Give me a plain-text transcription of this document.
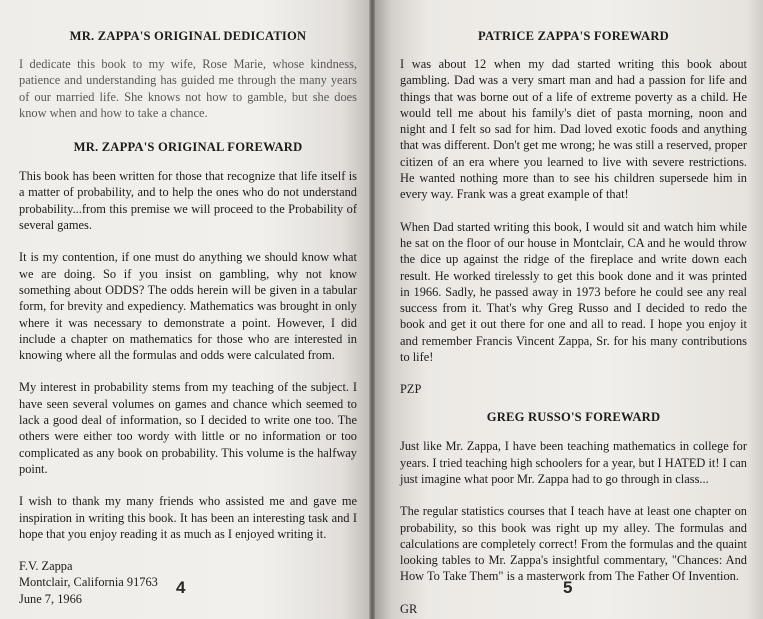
MR. ZAPPA'S ORIGINAL DEDICATION

I dedicate this book to my wife, Rose Marie, whose kindness, patience and understanding has guided me through the many years of our married life. She knows not how to gamble, but she does know when and how to take a chance.

MR. ZAPPA'S ORIGINAL FOREWARD

This book has been written for those that recognize that life itself is a matter of probability, and to help the ones who do not understand probability...from this premise we will proceed to the Probability of several games.

It is my contention, if one must do anything we should know what we are doing. So if you insist on gambling, why not know something about ODDS? The odds herein will be given in a tabular form, for brevity and expediency. Mathematics was brought in only where it was necessary to demonstrate a point. However, I did include a chapter on mathematics for those who are interested in knowing where all the formulas and odds were calculated from.

My interest in probability stems from my teaching of the subject. I have seen several volumes on games and chance which seemed to lack a good deal of information, so I decided to write one too. The others were either too wordy with little or no information or too complicated as any book on probability. This volume is the halfway point.

I wish to thank my many friends who assisted me and gave me inspiration in writing this book. It has been an interesting task and I hope that you enjoy reading it as much as I enjoyed writing it.

F.V. Zappa
Montclair, California 91763
June 7, 1966
4
PATRICE ZAPPA'S FOREWARD

I was about 12 when my dad started writing this book about gambling. Dad was a very smart man and had a passion for life and things that was borne out of a life of extreme poverty as a child. He would tell me about his family's diet of pasta morning, noon and night and I felt so sad for him. Dad loved exotic foods and anything that was different. Don't get me wrong; he was still a reserved, proper citizen of an era where you learned to live with severe restrictions. He wanted nothing more than to see his children supersede him in every way. Frank was a great example of that!

When Dad started writing this book, I would sit and watch him while he sat on the floor of our house in Montclair, CA and he would throw the dice up against the ridge of the fireplace and write down each result. He worked tirelessly to get this book done and it was printed in 1966. Sadly, he passed away in 1973 before he could see any real success from it. That's why Greg Russo and I decided to redo the book and get it out there for one and all to read. I hope you enjoy it and remember Francis Vincent Zappa, Sr. for his many contributions to life!

PZP
GREG RUSSO'S FOREWARD

Just like Mr. Zappa, I have been teaching mathematics in college for years. I tried teaching high schoolers for a year, but I HATED it! I can just imagine what poor Mr. Zappa had to go through in class...

The regular statistics courses that I teach have at least one chapter on probability, so this book was right up my alley. The formulas and calculations are completely correct! From the formulas and the quaint looking tables to Mr. Zappa's insightful commentary, "Chances: And How To Take Them" is a masterwork from The Father Of Invention.

GR
5
